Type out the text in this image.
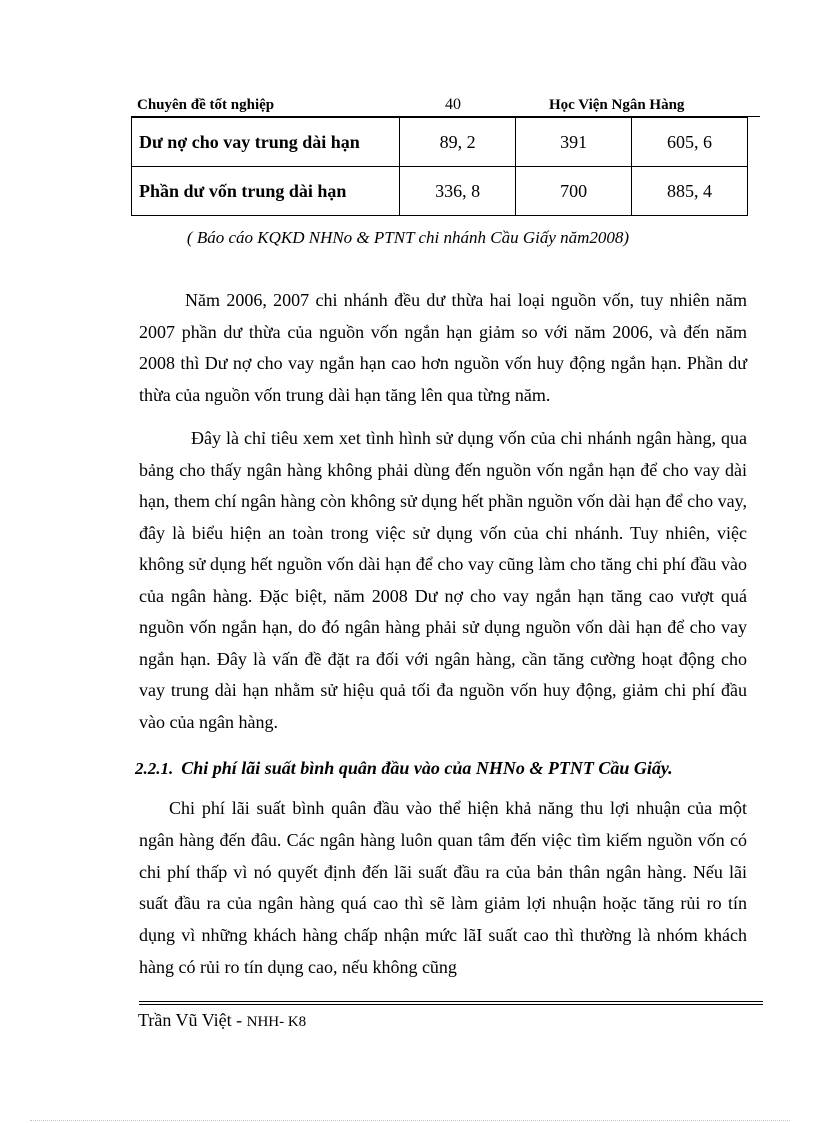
Chuyên đề tốt nghiệp	40	Học Viện Ngân Hàng
Dư nợ cho vay trung dài hạn	89, 2	391	605, 6
Phần dư vốn trung dài hạn	336, 8	700	885, 4
( Báo cáo KQKD NHNo & PTNT chi nhánh Cầu Giấy năm2008)

Năm 2006, 2007 chi nhánh đều dư thừa hai loại nguồn vốn, tuy nhiên năm 2007 phần dư thừa của nguồn vốn ngắn hạn giảm so với năm 2006, và đến năm 2008 thì Dư nợ cho vay ngắn hạn cao hơn nguồn vốn huy động ngắn hạn. Phần dư thừa của nguồn vốn trung dài hạn tăng lên qua từng năm.

Đây là chỉ tiêu xem xet tình hình sử dụng vốn của chi nhánh ngân hàng, qua bảng cho thấy ngân hàng không phải dùng đến nguồn vốn ngắn hạn để cho vay dài hạn, them chí ngân hàng còn không sử dụng hết phần nguồn vốn dài hạn để cho vay, đây là biểu hiện an toàn trong việc sử dụng vốn của chi nhánh. Tuy nhiên, việc không sử dụng hết nguồn vốn dài hạn để cho vay cũng làm cho tăng chi phí đầu vào của ngân hàng. Đặc biệt, năm 2008 Dư nợ cho vay ngắn hạn tăng cao vượt quá nguồn vốn ngắn hạn, do đó ngân hàng phải sử dụng nguồn vốn dài hạn để cho vay ngắn hạn. Đây là vấn đề đặt ra đối với ngân hàng, cần tăng cường hoạt động cho vay trung dài hạn nhằm sử hiệu quả tối đa nguồn vốn huy động, giảm chi phí đầu vào của ngân hàng.

2.2.1. Chi phí lãi suất bình quân đầu vào của NHNo & PTNT Cầu Giấy.

Chi phí lãi suất bình quân đầu vào thể hiện khả năng thu lợi nhuận của một ngân hàng đến đâu. Các ngân hàng luôn quan tâm đến việc tìm kiếm nguồn vốn có chi phí thấp vì nó quyết định đến lãi suất đầu ra của bản thân ngân hàng. Nếu lãi suất đầu ra của ngân hàng quá cao thì sẽ làm giảm lợi nhuận hoặc tăng rủi ro tín dụng vì những khách hàng chấp nhận mức lãI suất cao thì thường là nhóm khách hàng có rủi ro tín dụng cao, nếu không cũng

Trần Vũ Việt - NHH- K8
